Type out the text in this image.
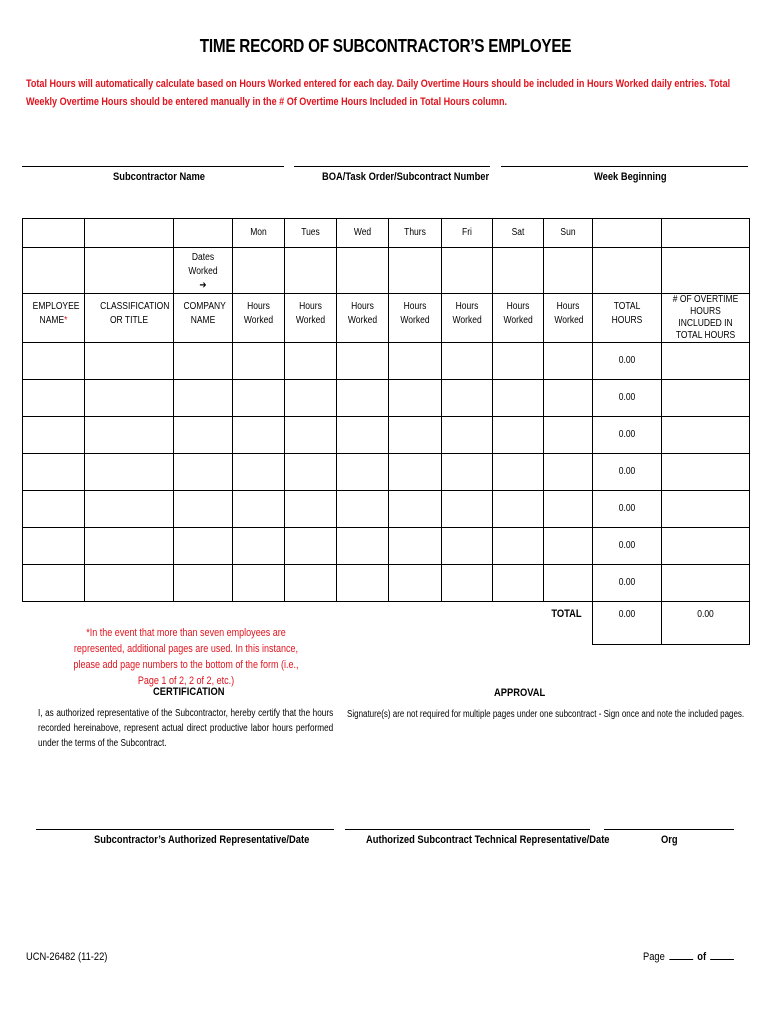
TIME RECORD OF SUBCONTRACTOR’S EMPLOYEE
Total Hours will automatically calculate based on Hours Worked entered for each day. Daily Overtime Hours should be included in Hours Worked daily entries. Total Weekly Overtime Hours should be entered manually in the # Of Overtime Hours Included in Total Hours column.
Subcontractor Name	BOA/Task Order/Subcontract Number	Week Beginning

			Mon	Tues	Wed	Thurs	Fri	Sat	Sun		

		Dates Worked
➔									

EMPLOYEE NAME*	CLASSIFICATION OR TITLE	COMPANY NAME	Hours Worked	Hours Worked	Hours Worked	Hours Worked	Hours Worked	Hours Worked	Hours Worked	TOTAL HOURS	# OF OVERTIME HOURS INCLUDED IN TOTAL HOURS

										0.00	

										0.00	

										0.00	

										0.00	

										0.00	

										0.00	

										0.00	

									TOTAL	0.00	0.00
*In the event that more than seven employees are represented, additional pages are used. In this instance, please add page numbers to the bottom of the form (i.e., Page 1 of 2, 2 of 2, etc.)
CERTIFICATION
I, as authorized representative of the Subcontractor, hereby certify that the hours recorded hereinabove, represent actual direct productive labor hours performed under the terms of the Subcontract.
APPROVAL
Signature(s) are not required for multiple pages under one subcontract - Sign once and note the included pages.
Subcontractor’s Authorized Representative/Date	Authorized Subcontract Technical Representative/Date	Org
UCN-26482 (11-22)	Page	of
